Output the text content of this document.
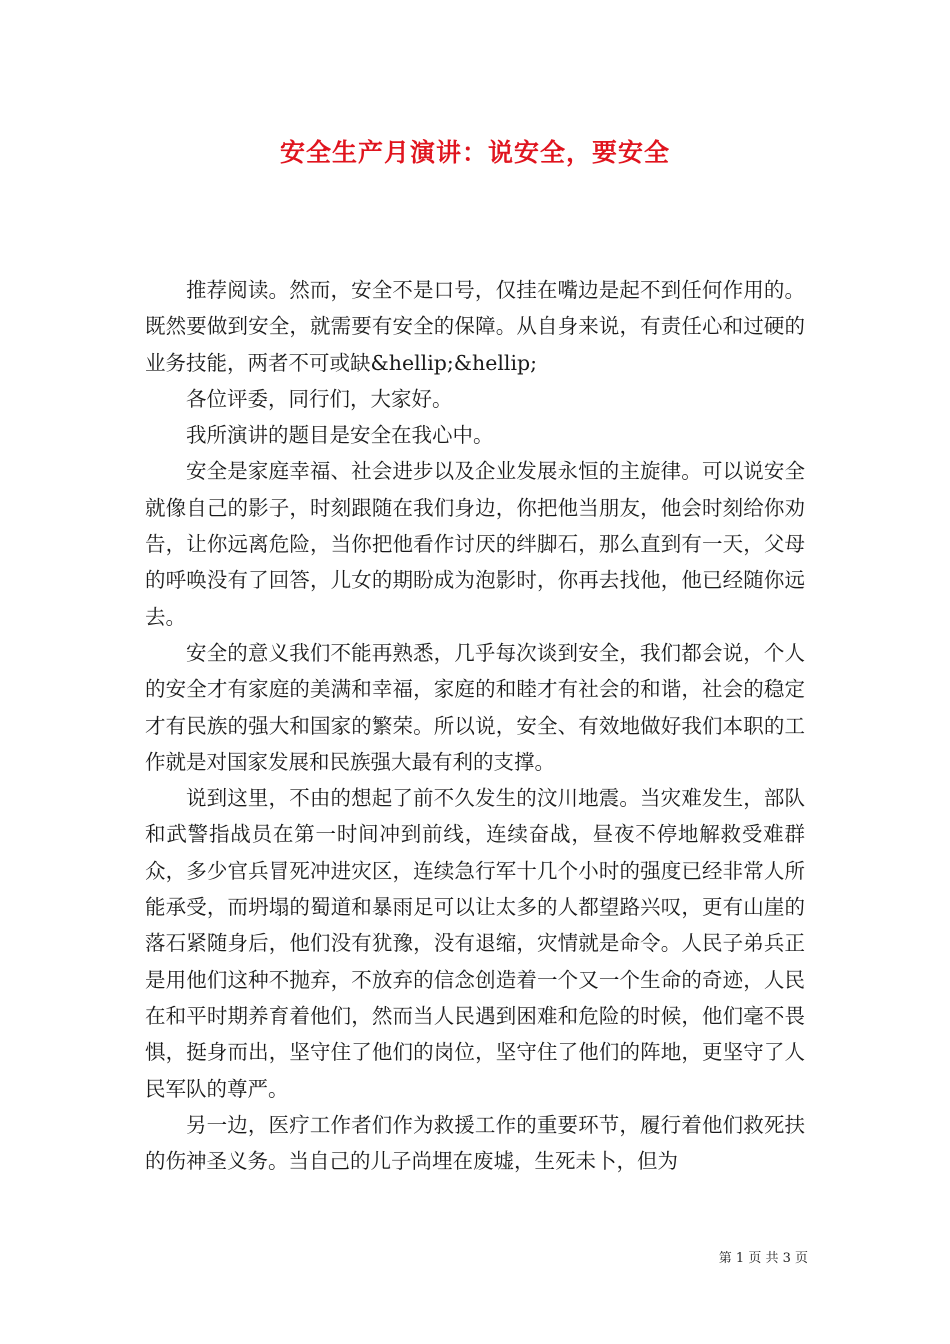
安全生产月演讲：说安全，要安全

推荐阅读。然而，安全不是口号，仅挂在嘴边是起不到任何作用的。既然要做到安全，就需要有安全的保障。从自身来说，有责任心和过硬的业务技能，两者不可或缺&hellip;&hellip;

各位评委，同行们，大家好。

我所演讲的题目是安全在我心中。

安全是家庭幸福、社会进步以及企业发展永恒的主旋律。可以说安全就像自己的影子，时刻跟随在我们身边，你把他当朋友，他会时刻给你劝告，让你远离危险，当你把他看作讨厌的绊脚石，那么直到有一天，父母的呼唤没有了回答，儿女的期盼成为泡影时，你再去找他，他已经随你远去。

安全的意义我们不能再熟悉，几乎每次谈到安全，我们都会说，个人的安全才有家庭的美满和幸福，家庭的和睦才有社会的和谐，社会的稳定才有民族的强大和国家的繁荣。所以说，安全、有效地做好我们本职的工作就是对国家发展和民族强大最有利的支撑。

说到这里，不由的想起了前不久发生的汶川地震。当灾难发生，部队和武警指战员在第一时间冲到前线，连续奋战，昼夜不停地解救受难群众，多少官兵冒死冲进灾区，连续急行军十几个小时的强度已经非常人所能承受，而坍塌的蜀道和暴雨足可以让太多的人都望路兴叹，更有山崖的落石紧随身后，他们没有犹豫，没有退缩，灾情就是命令。人民子弟兵正是用他们这种不抛弃，不放弃的信念创造着一个又一个生命的奇迹，人民在和平时期养育着他们，然而当人民遇到困难和危险的时候，他们毫不畏惧，挺身而出，坚守住了他们的岗位，坚守住了他们的阵地，更坚守了人民军队的尊严。

另一边，医疗工作者们作为救援工作的重要环节，履行着他们救死扶的伤神圣义务。当自己的儿子尚埋在废墟，生死未卜，但为

第 1 页 共 3 页
